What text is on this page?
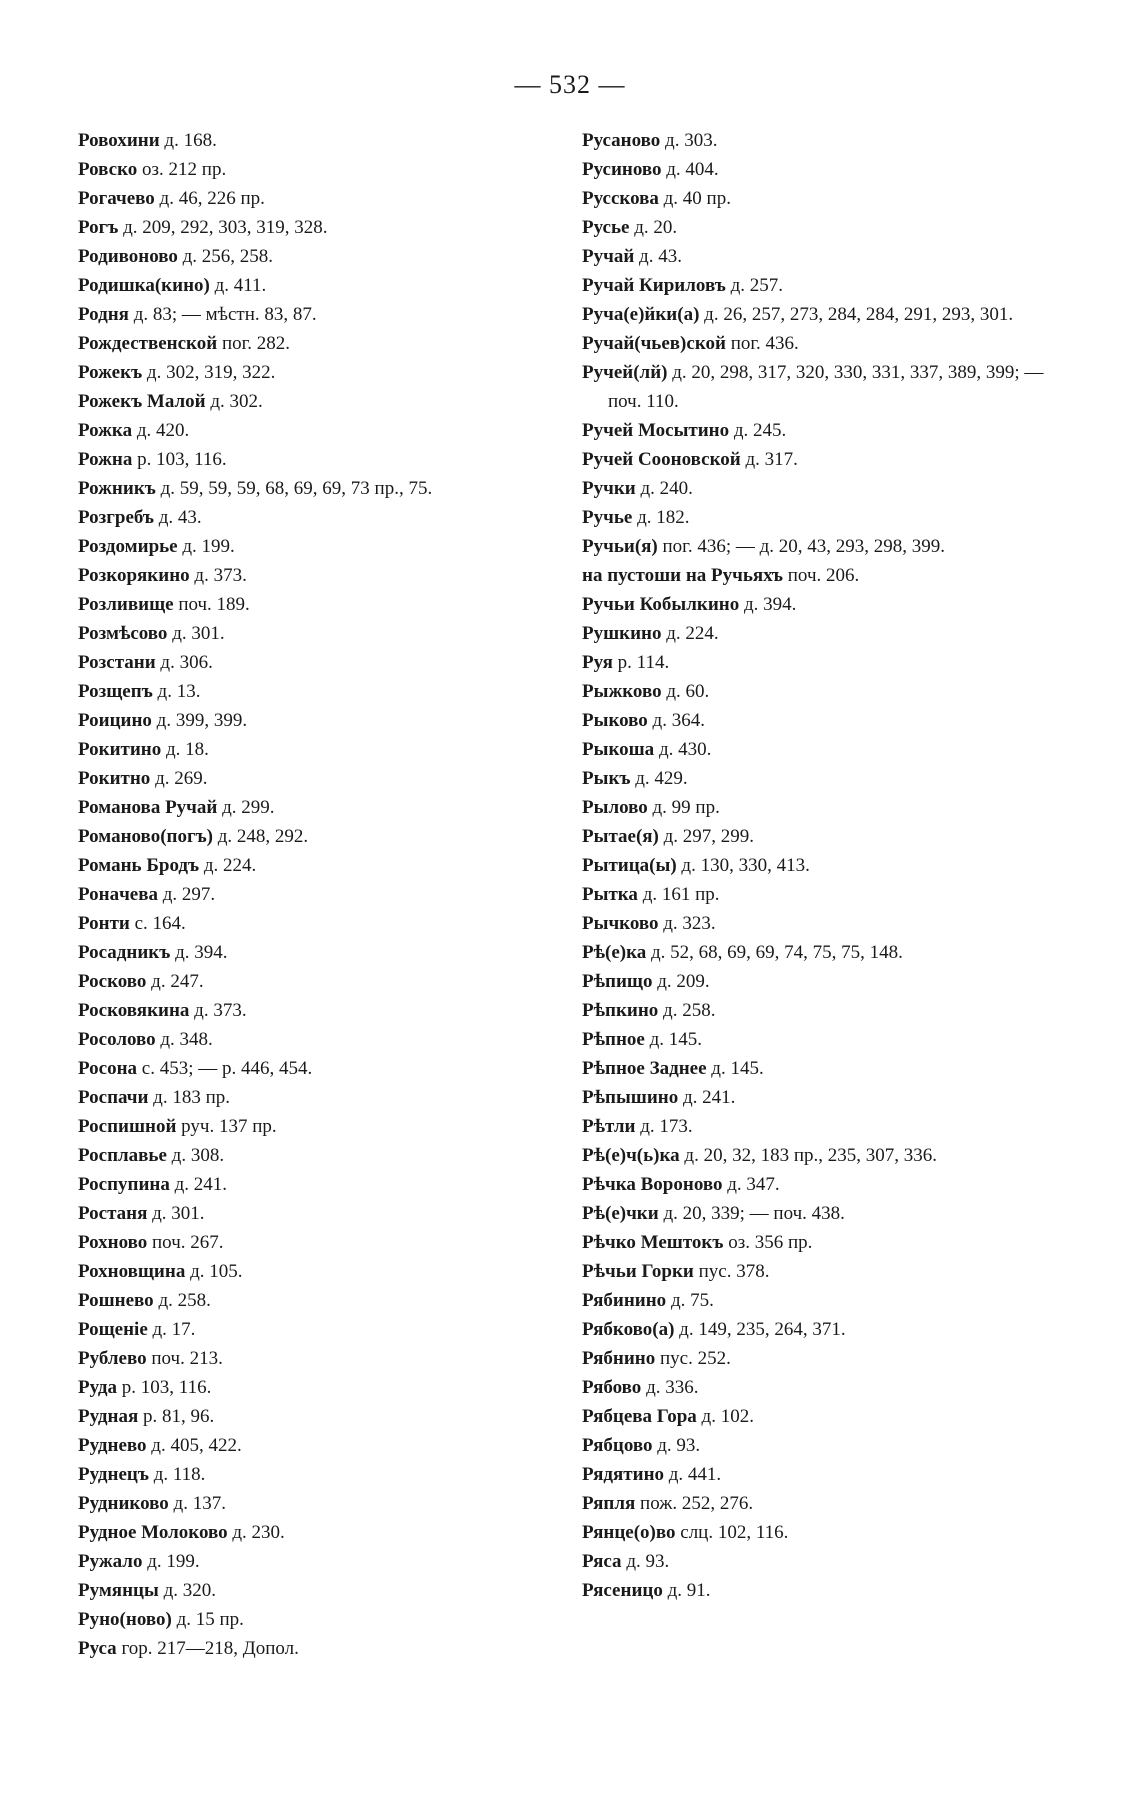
— 532 —
Ровохини д. 168.
Ровско оз. 212 пр.
Рогачево д. 46, 226 пр.
Рогъ д. 209, 292, 303, 319, 328.
Родивоново д. 256, 258.
Родишка(кино) д. 411.
Родня д. 83; — мѣстн. 83, 87.
Рождественской пог. 282.
Рожекъ д. 302, 319, 322.
Рожекъ Малой д. 302.
Рожка д. 420.
Рожна р. 103, 116.
Рожникъ д. 59, 59, 59, 68, 69, 69, 73 пр., 75.
Розгребъ д. 43.
Роздомирье д. 199.
Розкорякино д. 373.
Розливище поч. 189.
Розмѣсово д. 301.
Розстани д. 306.
Розщепъ д. 13.
Роицино д. 399, 399.
Рокитино д. 18.
Рокитно д. 269.
Романова Ручай д. 299.
Романово(погъ) д. 248, 292.
Романь Бродъ д. 224.
Ронaчева д. 297.
Ронти с. 164.
Росадникъ д. 394.
Росково д. 247.
Росковякина д. 373.
Росолово д. 348.
Росона с. 453; — р. 446, 454.
Роспачи д. 183 пр.
Роспишной руч. 137 пр.
Росплавье д. 308.
Роспупина д. 241.
Ростаня д. 301.
Рохново поч. 267.
Рохновщина д. 105.
Рошнево д. 258.
Рощеніе д. 17.
Рублево поч. 213.
Руда р. 103, 116.
Рудная р. 81, 96.
Руднево д. 405, 422.
Руднецъ д. 118.
Рудниково д. 137.
Рудное Молоково д. 230.
Ружало д. 199.
Румянцы д. 320.
Руно(ново) д. 15 пр.
Руса гор. 217—218, Допол.
Русаново д. 303.
Русиново д. 404.
Русскова д. 40 пр.
Русье д. 20.
Ручай д. 43.
Ручай Кириловъ д. 257.
Руча(е)йки(а) д. 26, 257, 273, 284, 284, 291, 293, 301.
Ручай(чьев)ской пог. 436.
Ручей(лй) д. 20, 298, 317, 320, 330, 331, 337, 389, 399; — поч. 110.
Ручей Мосытино д. 245.
Ручей Сооновской д. 317.
Ручки д. 240.
Ручье д. 182.
Ручьи(я) пог. 436; — д. 20, 43, 293, 298, 399.
на пустоши на Ручьяхъ поч. 206.
Ручьи Кобылкино д. 394.
Рушкино д. 224.
Руя р. 114.
Рыжково д. 60.
Рыково д. 364.
Рыкоша д. 430.
Рыкъ д. 429.
Рылово д. 99 пр.
Рытае(я) д. 297, 299.
Рытица(ы) д. 130, 330, 413.
Рытка д. 161 пр.
Рычково д. 323.
Рѣ(е)ка д. 52, 68, 69, 69, 74, 75, 75, 148.
Рѣпищо д. 209.
Рѣпкино д. 258.
Рѣпное д. 145.
Рѣпное Заднее д. 145.
Рѣпышино д. 241.
Рѣтли д. 173.
Рѣ(е)ч(ь)ка д. 20, 32, 183 пр., 235, 307, 336.
Рѣчка Вороново д. 347.
Рѣ(е)чки д. 20, 339; — поч. 438.
Рѣчко Мештокъ оз. 356 пр.
Рѣчьи Горки пус. 378.
Рябинино д. 75.
Рябково(а) д. 149, 235, 264, 371.
Рябнино пус. 252.
Рябово д. 336.
Рябцева Гора д. 102.
Рябцово д. 93.
Рядятино д. 441.
Ряпля пож. 252, 276.
Рянце(о)во слц. 102, 116.
Ряса д. 93.
Рясеницо д. 91.
